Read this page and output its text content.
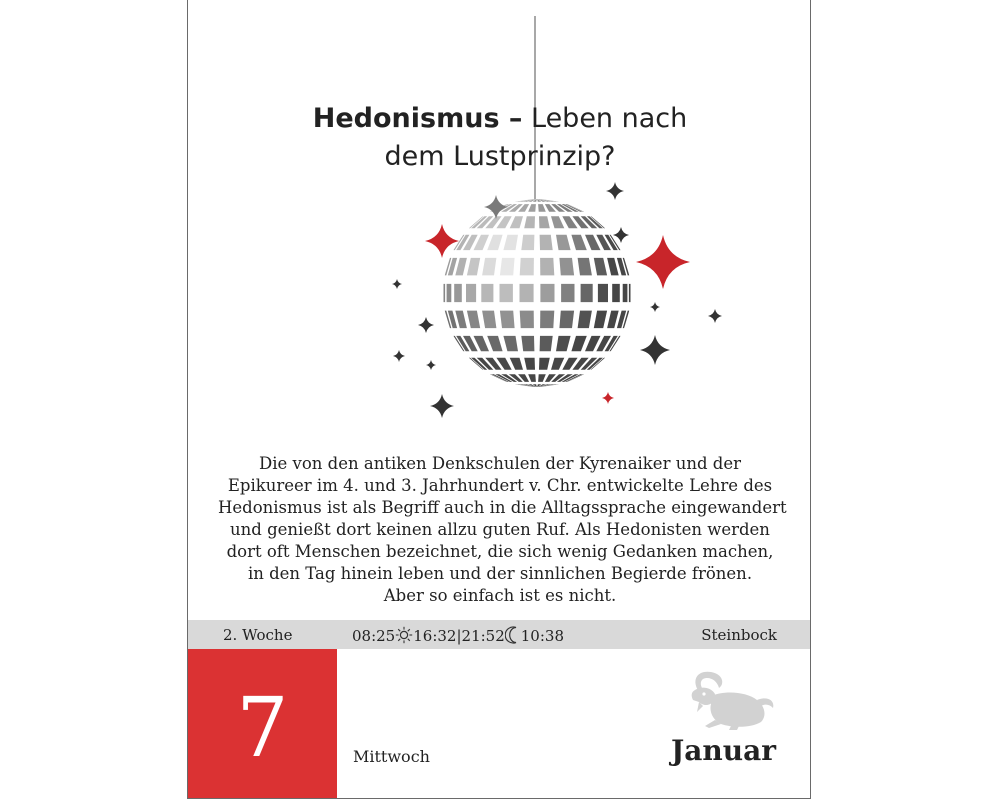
Hedonismus – Leben nach
dem Lustprinzip?
Die von den antiken Denkschulen der Kyrenaiker und der
Epikureer im 4. und 3. Jahrhundert v. Chr. entwickelte Lehre des
Hedonismus ist als Begriff auch in die Alltagssprache eingewandert
und genießt dort keinen allzu guten Ruf. Als Hedonisten werden
dort oft Menschen bezeichnet, die sich wenig Gedanken machen,
in den Tag hinein leben und der sinnlichen Begierde frönen.
Aber so einfach ist es nicht.
2. Woche	08:25 16:32|21:52 10:38	Steinbock
7	Mittwoch	Januar
